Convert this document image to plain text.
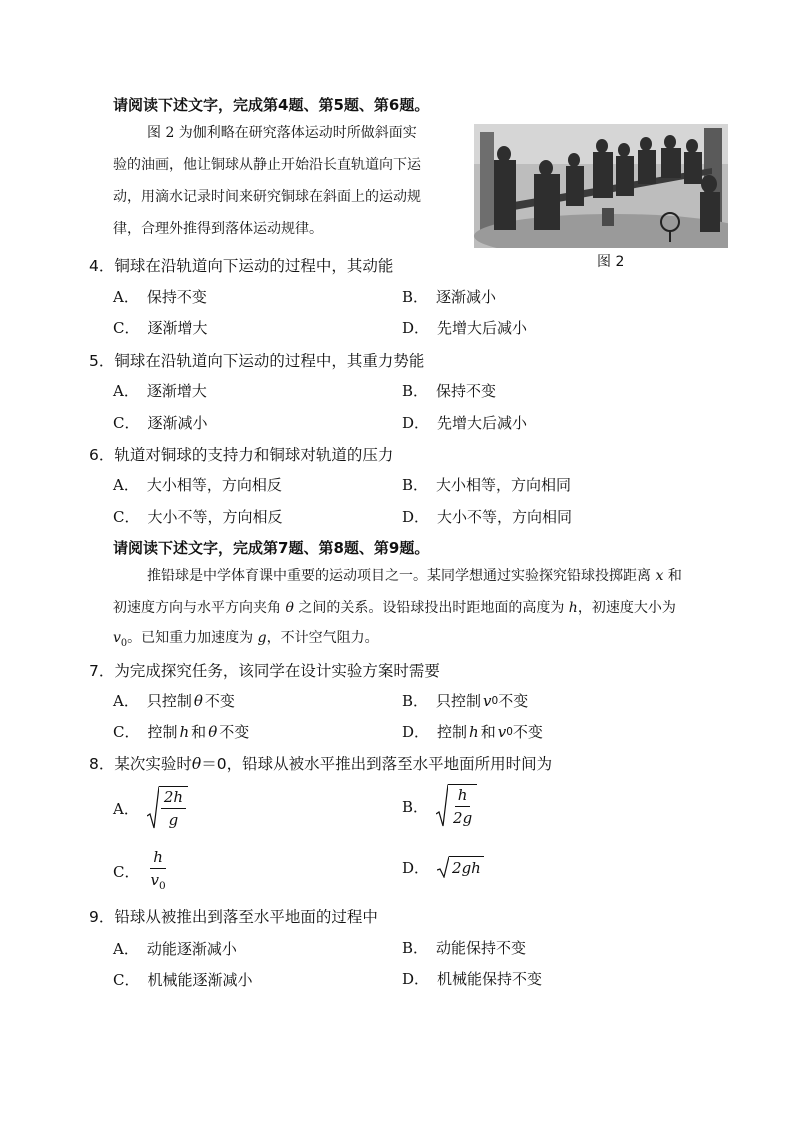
请阅读下述文字，完成第4题、第5题、第6题。
图 2 为伽利略在研究落体运动时所做斜面实
验的油画，他让铜球从静止开始沿长直轨道向下运
动，用滴水记录时间来研究铜球在斜面上的运动规
律，合理外推得到落体运动规律。
图 2
4．铜球在沿轨道向下运动的过程中，其动能
A． 保持不变	B． 逐渐减小
C． 逐渐增大	D． 先增大后减小
5．铜球在沿轨道向下运动的过程中，其重力势能
A． 逐渐增大	B． 保持不变
C． 逐渐减小	D． 先增大后减小
6．轨道对铜球的支持力和铜球对轨道的压力
A． 大小相等，方向相反	B． 大小相等，方向相同
C． 大小不等，方向相反	D． 大小不等，方向相同
请阅读下述文字，完成第7题、第8题、第9题。
推铅球是中学体育课中重要的运动项目之一。某同学想通过实验探究铅球投掷距离 x 和
初速度方向与水平方向夹角 θ 之间的关系。设铅球投出时距地面的高度为 h，初速度大小为
$v_0$。已知重力加速度为 g，不计空气阻力。
7．为完成探究任务，该同学在设计实验方案时需要
A． 只控制 θ 不变	B． 只控制 v 0 不变
C． 控制 h 和 θ 不变	D． 控制 h 和 v 0 不变
8．某次实验时θ＝0，铅球从被水平推出到落至水平地面所用时间为
A． $\frac{2h}{g}$	B． $\frac{h}{2g}$
C． $\frac{h}{v_0}$	D． 2gh
9．铅球从被推出到落至水平地面的过程中
A． 动能逐渐减小	B． 动能保持不变
C． 机械能逐渐减小	D． 机械能保持不变
